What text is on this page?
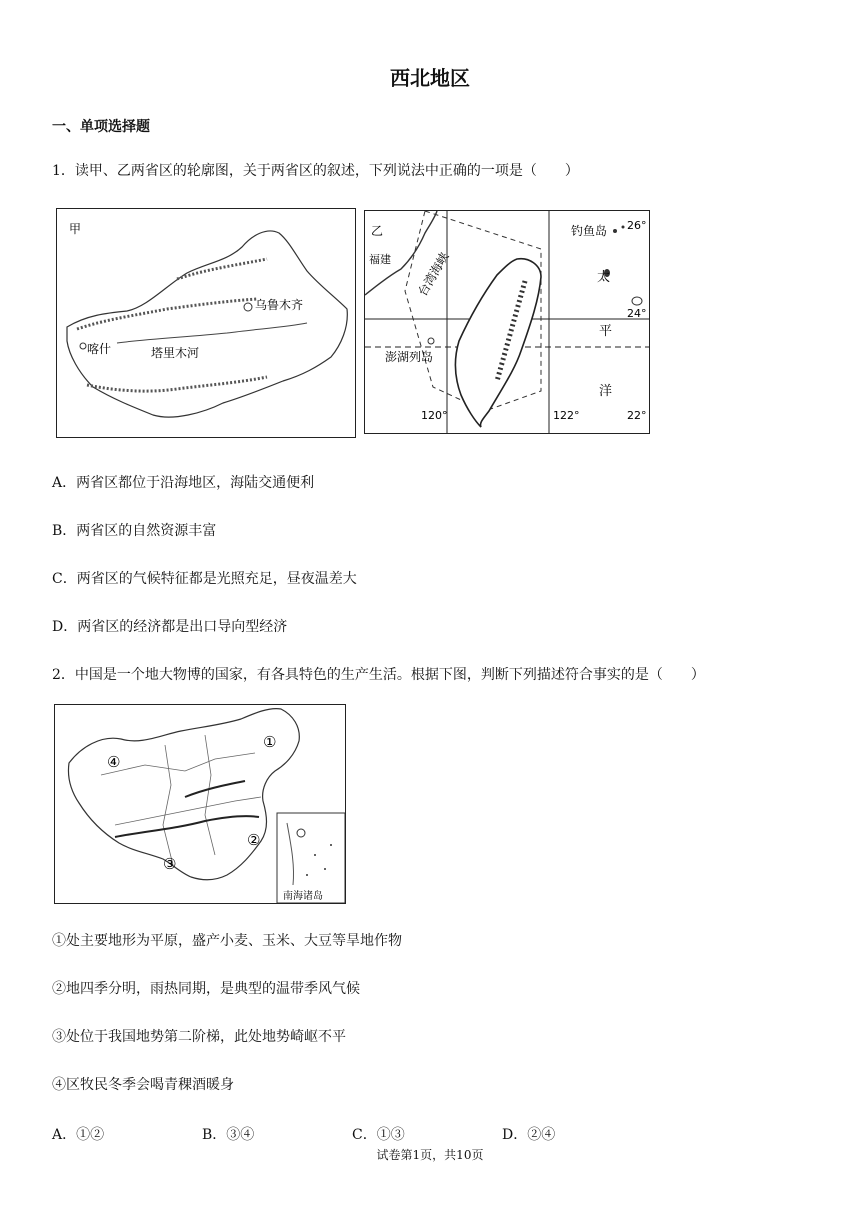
西北地区
一、单项选择题
1．读甲、乙两省区的轮廓图，关于两省区的叙述，下列说法中正确的一项是（　　）
甲
乌鲁木齐
喀什	塔里木河
乙
福建 台湾海峡
澎湖列岛
钓鱼岛
太
平
洋
26°
24°
22°
120°	122°
A．两省区都位于沿海地区，海陆交通便利
B．两省区的自然资源丰富
C．两省区的气候特征都是光照充足，昼夜温差大
D．两省区的经济都是出口导向型经济
2．中国是一个地大物博的国家，有各具特色的生产生活。根据下图，判断下列描述符合事实的是（　　）
①
②
③
④
南海诸岛
①处主要地形为平原，盛产小麦、玉米、大豆等旱地作物
②地四季分明，雨热同期，是典型的温带季风气候
③处位于我国地势第二阶梯，此处地势崎岖不平
④区牧民冬季会喝青稞酒暖身
A．①②	B．③④	C．①③	D．②④
试卷第1页，共10页
